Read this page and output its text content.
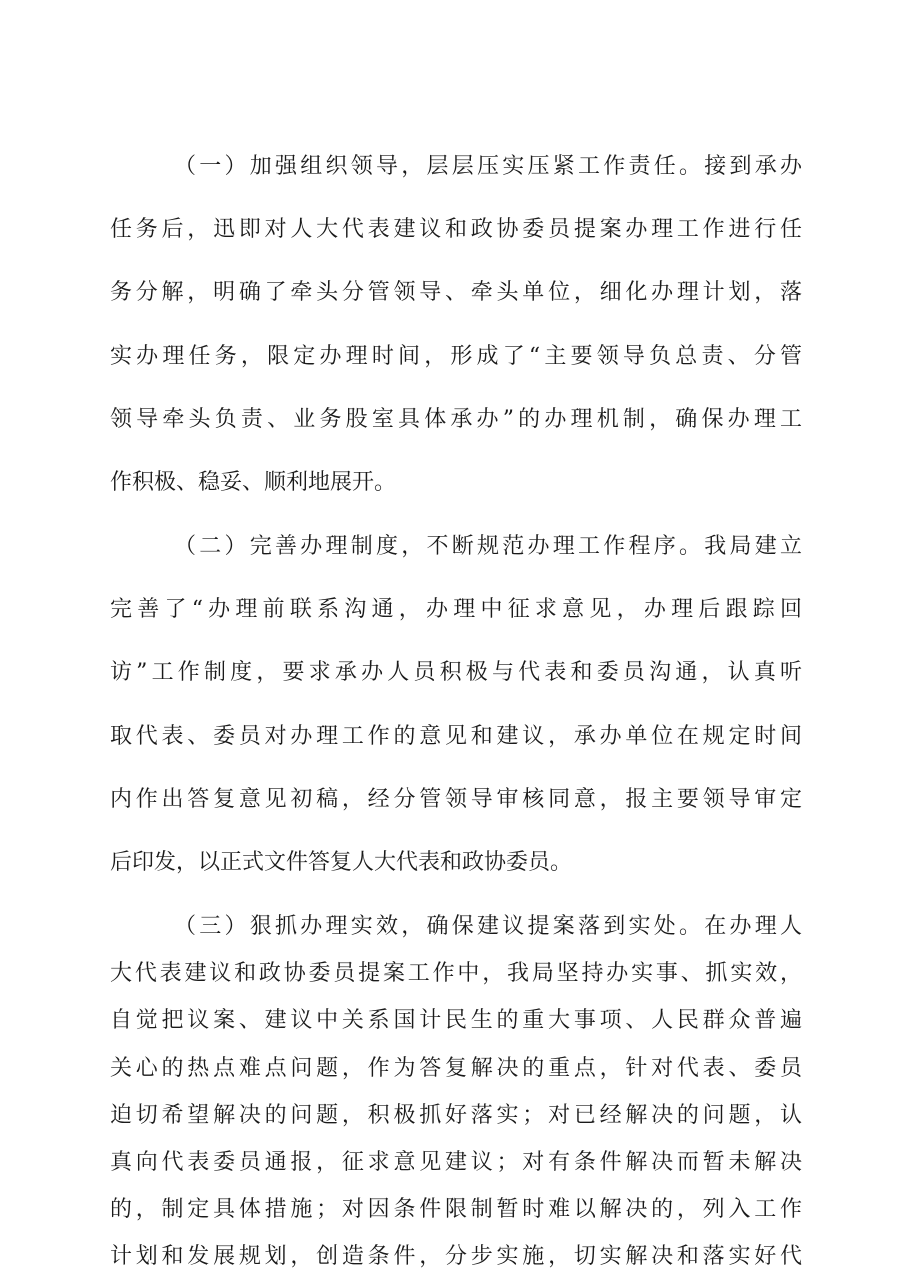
（一）加强组织领导，层层压实压紧工作责任。接到承办
任务后，迅即对人大代表建议和政协委员提案办理工作进行任
务分解，明确了牵头分管领导、牵头单位，细化办理计划，落
实办理任务，限定办理时间，形成了“主要领导负总责、分管
领导牵头负责、业务股室具体承办”的办理机制，确保办理工
作积极、稳妥、顺利地展开。
（二）完善办理制度，不断规范办理工作程序。我局建立
完善了“办理前联系沟通，办理中征求意见，办理后跟踪回
访”工作制度，要求承办人员积极与代表和委员沟通，认真听
取代表、委员对办理工作的意见和建议，承办单位在规定时间
内作出答复意见初稿，经分管领导审核同意，报主要领导审定
后印发，以正式文件答复人大代表和政协委员。
（三）狠抓办理实效，确保建议提案落到实处。在办理人
大代表建议和政协委员提案工作中，我局坚持办实事、抓实效，
自觉把议案、建议中关系国计民生的重大事项、人民群众普遍
关心的热点难点问题，作为答复解决的重点，针对代表、委员
迫切希望解决的问题，积极抓好落实；对已经解决的问题，认
真向代表委员通报，征求意见建议；对有条件解决而暂未解决
的，制定具体措施；对因条件限制暂时难以解决的，列入工作
计划和发展规划，创造条件，分步实施，切实解决和落实好代
